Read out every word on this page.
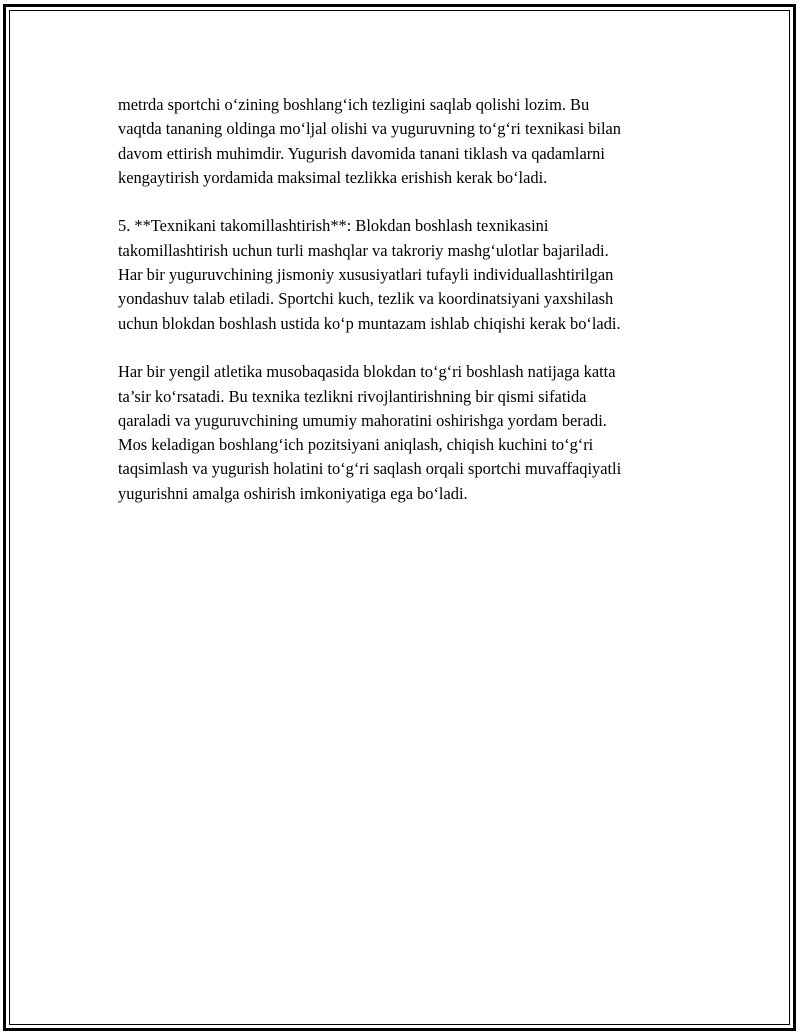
metrda sportchi o‘zining boshlang‘ich tezligini saqlab qolishi lozim. Bu
vaqtda tananing oldinga mo‘ljal olishi va yuguruvning to‘g‘ri texnikasi bilan
davom ettirish muhimdir. Yugurish davomida tanani tiklash va qadamlarni
kengaytirish yordamida maksimal tezlikka erishish kerak bo‘ladi.

5. **Texnikani takomillashtirish**: Blokdan boshlash texnikasini
takomillashtirish uchun turli mashqlar va takroriy mashg‘ulotlar bajariladi.
Har bir yuguruvchining jismoniy xususiyatlari tufayli individuallashtirilgan
yondashuv talab etiladi. Sportchi kuch, tezlik va koordinatsiyani yaxshilash
uchun blokdan boshlash ustida ko‘p muntazam ishlab chiqishi kerak bo‘ladi.

Har bir yengil atletika musobaqasida blokdan to‘g‘ri boshlash natijaga katta
ta’sir ko‘rsatadi. Bu texnika tezlikni rivojlantirishning bir qismi sifatida
qaraladi va yuguruvchining umumiy mahoratini oshirishga yordam beradi.
Mos keladigan boshlang‘ich pozitsiyani aniqlash, chiqish kuchini to‘g‘ri
taqsimlash va yugurish holatini to‘g‘ri saqlash orqali sportchi muvaffaqiyatli
yugurishni amalga oshirish imkoniyatiga ega bo‘ladi.
